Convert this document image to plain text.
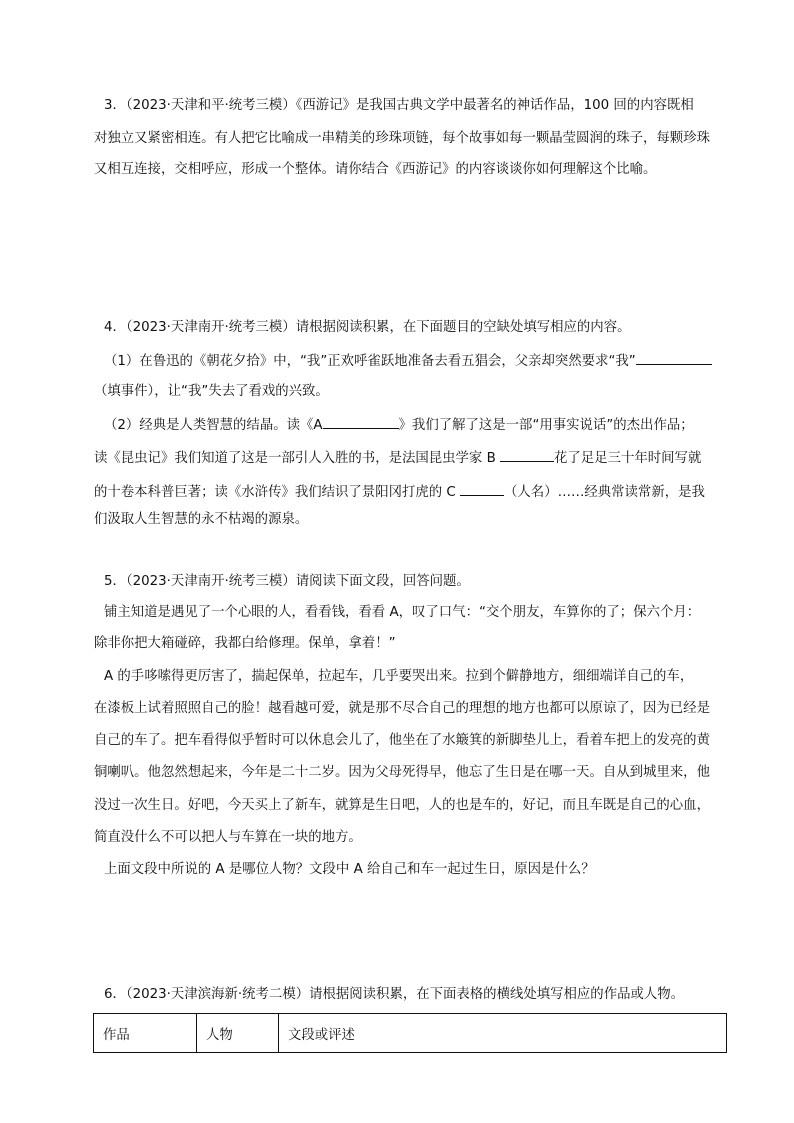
3．（2023·天津和平·统考三模）《西游记》是我国古典文学中最著名的神话作品，100 回的内容既相
对独立又紧密相连。有人把它比喻成一串精美的珍珠项链，每个故事如每一颗晶莹圆润的珠子，每颗珍珠
又相互连接，交相呼应，形成一个整体。请你结合《西游记》的内容谈谈你如何理解这个比喻。
4．（2023·天津南开·统考三模）请根据阅读积累，在下面题目的空缺处填写相应的内容。
（1）在鲁迅的《朝花夕拾》中，“我”正欢呼雀跃地准备去看五猖会，父亲却突然要求“我”
（填事件），让“我”失去了看戏的兴致。
（2）经典是人类智慧的结晶。读《A	》我们了解了这是一部“用事实说话”的杰出作品；
读《昆虫记》我们知道了这是一部引人入胜的书，是法国昆虫学家 B	花了足足三十年时间写就
的十卷本科普巨著；读《水浒传》我们结识了景阳冈打虎的 C	（人名）……经典常读常新，是我
们汲取人生智慧的永不枯竭的源泉。
5．（2023·天津南开·统考三模）请阅读下面文段，回答问题。
铺主知道是遇见了一个心眼的人，看看钱，看看 A，叹了口气：“交个朋友，车算你的了；保六个月：
除非你把大箱碰碎，我都白给修理。保单，拿着！”
A 的手哆嗦得更厉害了，揣起保单，拉起车，几乎要哭出来。拉到个僻静地方，细细端详自己的车，
在漆板上试着照照自己的脸！越看越可爱，就是那不尽合自己的理想的地方也都可以原谅了，因为已经是
自己的车了。把车看得似乎暂时可以休息会儿了，他坐在了水簸箕的新脚垫儿上，看着车把上的发亮的黄
铜喇叭。他忽然想起来，今年是二十二岁。因为父母死得早，他忘了生日是在哪一天。自从到城里来，他
没过一次生日。好吧，今天买上了新车，就算是生日吧，人的也是车的，好记，而且车既是自己的心血，
简直没什么不可以把人与车算在一块的地方。
上面文段中所说的 A 是哪位人物？文段中 A 给自己和车一起过生日，原因是什么？
6．（2023·天津滨海新·统考二模）请根据阅读积累，在下面表格的横线处填写相应的作品或人物。
作品	人物	文段或评述
